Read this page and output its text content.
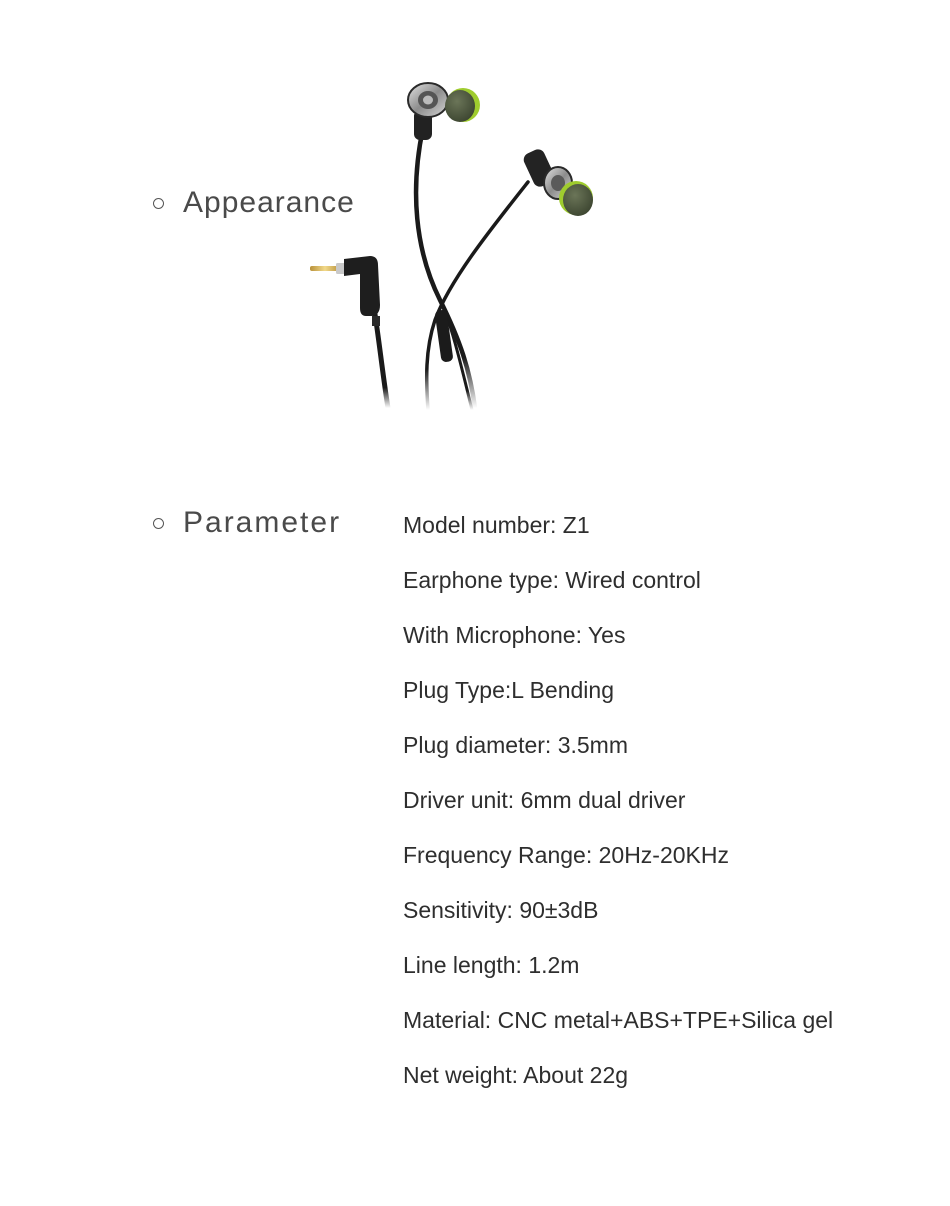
Appearance
Parameter	Model number: Z1
Earphone type: Wired control
With Microphone: Yes
Plug Type:L Bending
Plug diameter: 3.5mm
Driver unit: 6mm dual driver
Frequency Range: 20Hz-20KHz
Sensitivity: 90±3dB
Line length: 1.2m
Material: CNC metal+ABS+TPE+Silica gel
Net weight: About 22g
